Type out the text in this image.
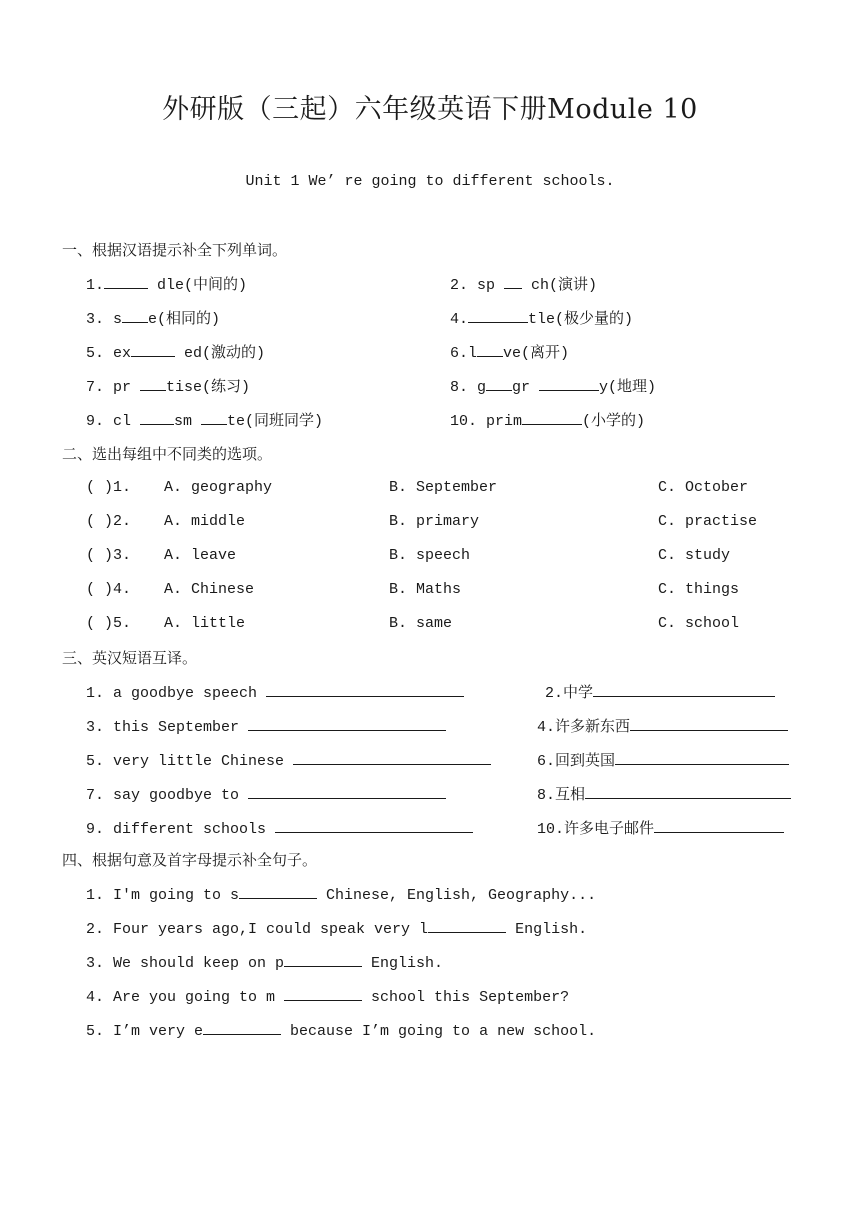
外研版（三起）六年级英语下册Module 10
Unit 1 We’ re going to different schools.
一、根据汉语提示补全下列单词。
1.	dle(中间的)	2. sp  ch(演讲)
3. s e(相同的)	4.	tle(极少量的)
5. ex	ed(激动的)	6.l ve(离开)
7. pr tise(练习)	8. g gr	y(地理)
9. cl sm te(同班同学)	10. prim	(小学的)
二、选出每组中不同类的选项。
( )1. A. geography	B. September	C. October
( )2. A. middle	B. primary	C. practise
( )3. A. leave	B. speech	C. study
( )4. A. Chinese	B. Maths	C. things
( )5. A. little	B. same	C. school
三、英汉短语互译。
1. a goodbye speech	2.中学
3. this September	4.许多新东西
5. very little Chinese	6.回到英国
7. say goodbye to	8.互相
9. different schools	10.许多电子邮件
四、根据句意及首字母提示补全句子。
1. I'm going to s	Chinese, English, Geography...
2. Four years ago,I could speak very l	English.
3. We should keep on p	English.
4. Are you going to m	school this September?
5. I’m very e	because I’m going to a new school.
